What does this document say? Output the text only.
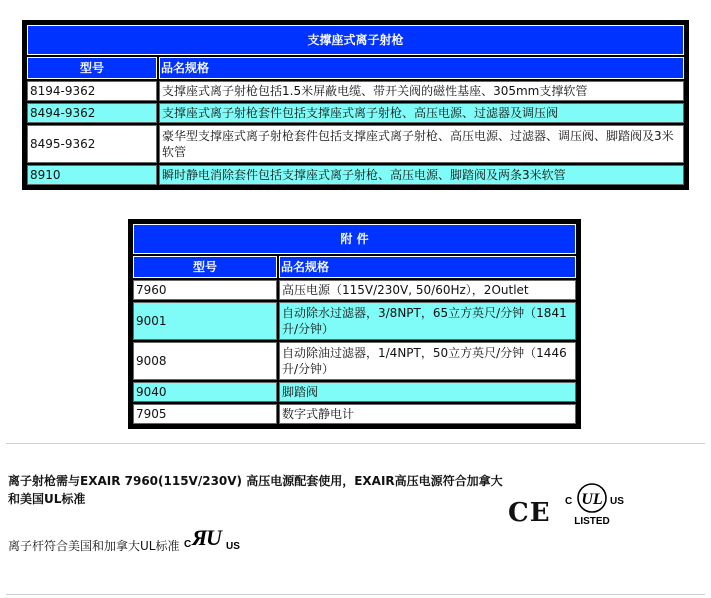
支撑座式离子射枪	
型号	品名规格
8194-9362	支撑座式离子射枪包括1.5米屏蔽电缆、带开关阀的磁性基座、305mm支撑软管
8494-9362	支撑座式离子射枪套件包括支撑座式离子射枪、高压电源、过滤器及调压阀
8495-9362	豪华型支撑座式离子射枪套件包括支撑座式离子射枪、高压电源、过滤器、调压阀、脚踏阀及3米软管
8910	瞬时静电消除套件包括支撑座式离子射枪、高压电源、脚踏阀及两条3米软管
附 件	
型号	品名规格
7960	高压电源（115V/230V, 50/60Hz），2Outlet
9001	自动除水过滤器，3/8NPT，65立方英尺/分钟（1841升/分钟）
9008	自动除油过滤器，1/4NPT，50立方英尺/分钟（1446升/分钟）
9040	脚踏阀
7905	数字式静电计
离子射枪需与EXAIR 7960(115V/230V) 高压电源配套使用，EXAIR高压电源符合加拿大和美国UL标准
离子杆符合美国和加拿大UL标准 C Я
U US
CE C UL US
LISTED
